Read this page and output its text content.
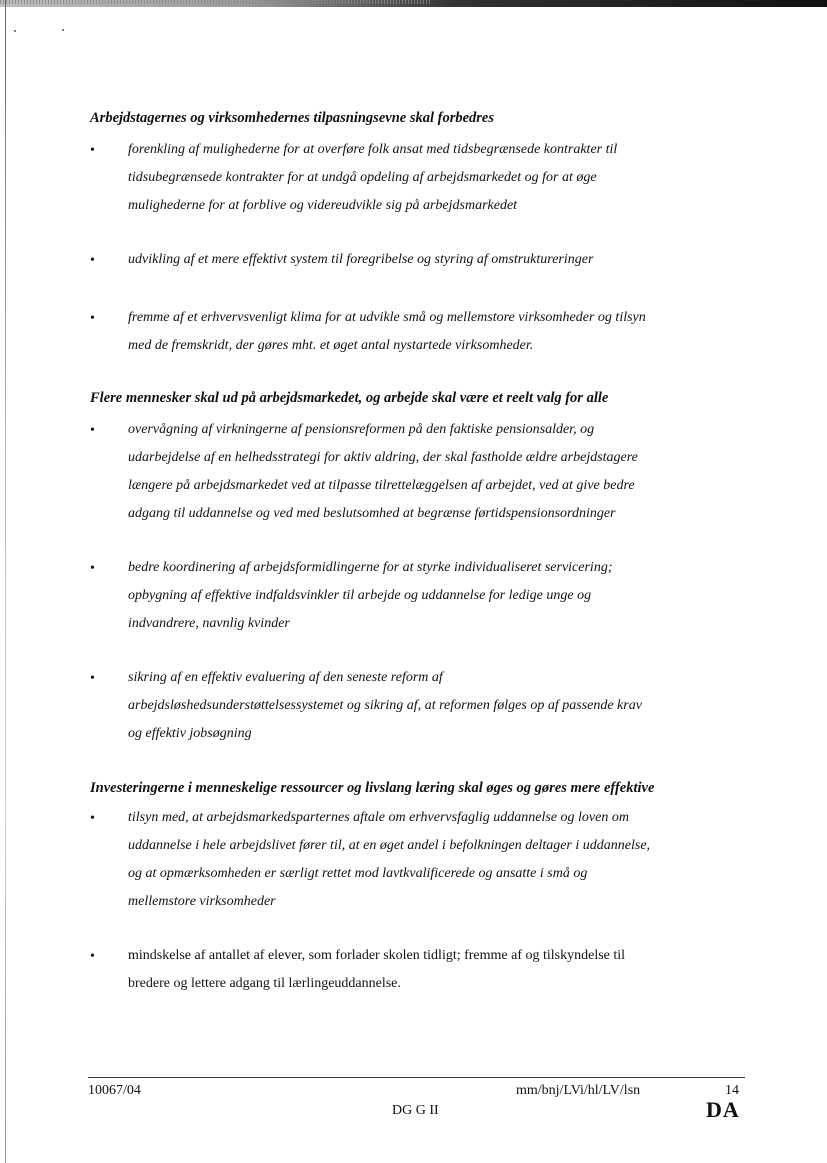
Arbejdstagernes og virksomhedernes tilpasningsevne skal forbedres
• forenkling af mulighederne for at overføre folk ansat med tidsbegrænsede kontrakter til
tidsubegrænsede kontrakter for at undgå opdeling af arbejdsmarkedet og for at øge
mulighederne for at forblive og videreudvikle sig på arbejdsmarkedet
• udvikling af et mere effektivt system til foregribelse og styring af omstruktureringer
• fremme af et erhvervsvenligt klima for at udvikle små og mellemstore virksomheder og tilsyn
med de fremskridt, der gøres mht. et øget antal nystartede virksomheder.
Flere mennesker skal ud på arbejdsmarkedet, og arbejde skal være et reelt valg for alle
• overvågning af virkningerne af pensionsreformen på den faktiske pensionsalder, og
udarbejdelse af en helhedsstrategi for aktiv aldring, der skal fastholde ældre arbejdstagere
længere på arbejdsmarkedet ved at tilpasse tilrettelæggelsen af arbejdet, ved at give bedre
adgang til uddannelse og ved med beslutsomhed at begrænse førtidspensionsordninger
• bedre koordinering af arbejdsformidlingerne for at styrke individualiseret servicering;
opbygning af effektive indfaldsvinkler til arbejde og uddannelse for ledige unge og
indvandrere, navnlig kvinder
• sikring af en effektiv evaluering af den seneste reform af
arbejdsløshedsunderstøttelsessystemet og sikring af, at reformen følges op af passende krav
og effektiv jobsøgning
Investeringerne i menneskelige ressourcer og livslang læring skal øges og gøres mere effektive
• tilsyn med, at arbejdsmarkedsparternes aftale om erhvervsfaglig uddannelse og loven om
uddannelse i hele arbejdslivet fører til, at en øget andel i befolkningen deltager i uddannelse,
og at opmærksomheden er særligt rettet mod lavtkvalificerede og ansatte i små og
mellemstore virksomheder
• mindskelse af antallet af elever, som forlader skolen tidligt; fremme af og tilskyndelse til
bredere og lettere adgang til lærlingeuddannelse.
10067/04	mm/bnj/LVi/hl/LV/lsn	14
DG G II	DA
